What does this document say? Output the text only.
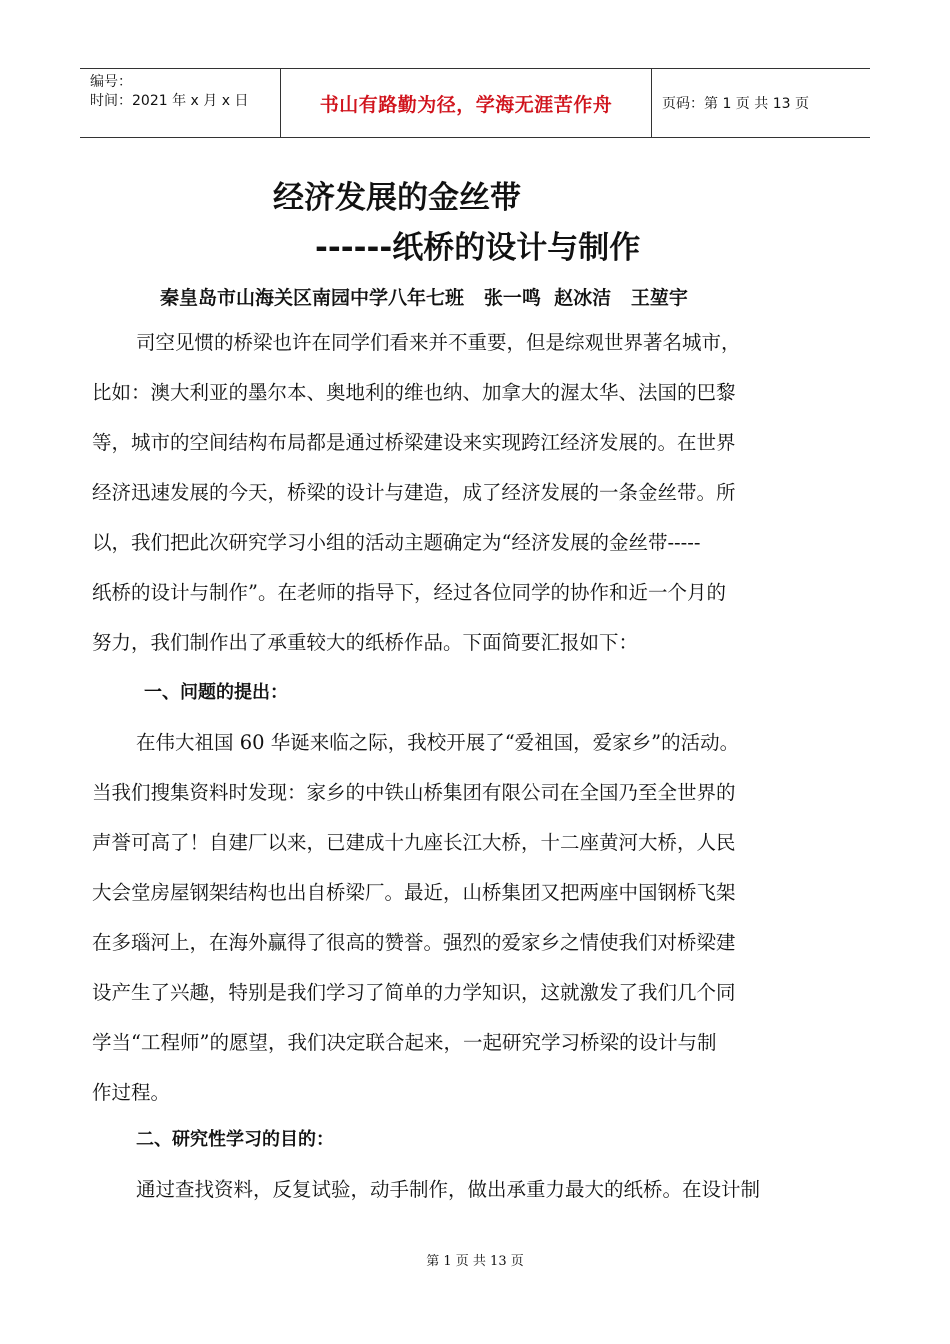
编号：
时间：2021 年 x 月 x 日	书山有路勤为径，学海无涯苦作舟	页码：第 1 页 共 13 页
经济发展的金丝带
------纸桥的设计与制作
秦皇岛市山海关区南园中学八年七班   张一鸣  赵冰洁   王堃宇
司空见惯的桥梁也许在同学们看来并不重要，但是综观世界著名城市，
比如：澳大利亚的墨尔本、奥地利的维也纳、加拿大的渥太华、法国的巴黎
等，城市的空间结构布局都是通过桥梁建设来实现跨江经济发展的。在世界
经济迅速发展的今天，桥梁的设计与建造，成了经济发展的一条金丝带。所
以，我们把此次研究学习小组的活动主题确定为“经济发展的金丝带-----
纸桥的设计与制作”。在老师的指导下，经过各位同学的协作和近一个月的
努力，我们制作出了承重较大的纸桥作品。下面简要汇报如下：
一、问题的提出：
在伟大祖国 60 华诞来临之际，我校开展了“爱祖国，爱家乡”的活动。
当我们搜集资料时发现：家乡的中铁山桥集团有限公司在全国乃至全世界的
声誉可高了！自建厂以来，已建成十九座长江大桥，十二座黄河大桥，人民
大会堂房屋钢架结构也出自桥梁厂。最近，山桥集团又把两座中国钢桥飞架
在多瑙河上，在海外赢得了很高的赞誉。强烈的爱家乡之情使我们对桥梁建
设产生了兴趣，特别是我们学习了简单的力学知识，这就激发了我们几个同
学当“工程师”的愿望，我们决定联合起来，一起研究学习桥梁的设计与制
作过程。
二、研究性学习的目的：
通过查找资料，反复试验，动手制作，做出承重力最大的纸桥。在设计制
第 1 页 共 13 页
